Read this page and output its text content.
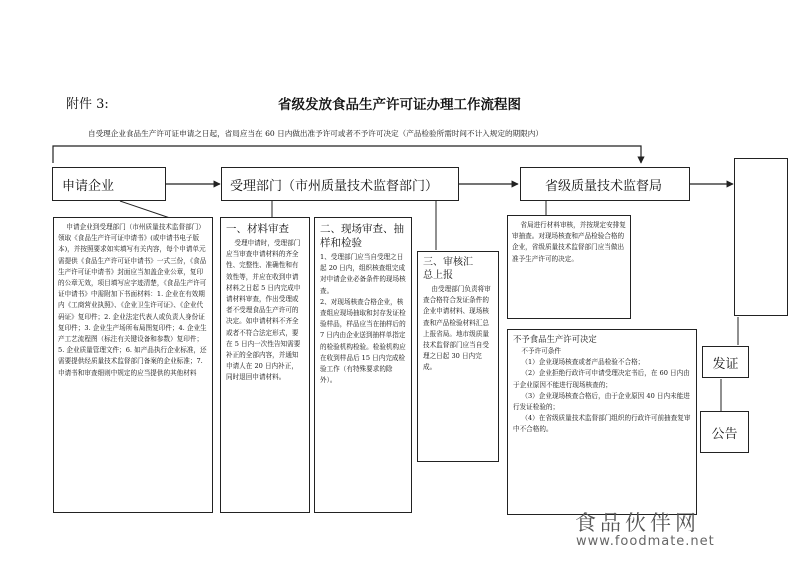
附件 3:	省级发放食品生产许可证办理工作流程图
自受理企业食品生产许可证申请之日起，省局应当在 60 日内做出准予许可或者不予许可决定（产品检验所需时间不计入规定的期限内）
申请企业	受理部门（市州质量技术监督部门）	省级质量技术监督局
申请企业到受理部门（市州质量技术监督部门）领取《食品生产许可证申请书》(或申请书电子版本)，并按照要求如实填写有关内容，每个申请单元需提供《食品生产许可证申请书》一式三份，《食品生产许可证申请书》封面应当加盖企业公章，复印的公章无效，项目填写应字迹清楚，《食品生产许可证申请书》中需附加下书面材料：1. 企业在有效期内《工商营业执照》、《企业卫生许可证》、《企业代码证》复印件；2. 企业法定代表人或负责人身份证复印件；3. 企业生产场所布局图复印件；4. 企业生产工艺流程图（标注有关键设备和参数）复印件；5. 企业质量管理文件；6. 如产品执行企业标准，还需要提供经质量技术监督部门备案的企业标准；7. 申请书和审查细则中规定的应当提供的其他材料
一、材料审查
受理申请时，受理部门应当审查申请材料的齐全性、完整性、准确性和有效性等，并应在收到申请材料之日起 5 日内完成申请材料审查，作出受理或者不受理食品生产许可的决定。如申请材料不齐全或者不符合法定形式，要在 5 日内一次性告知需要补正的全部内容，并通知申请人在 20 日内补正，同时退回申请材料。
二、现场审查、抽
样和检验
1、受理部门应当自受理之日起 20 日内，组织核查组完成对申请企业必备条件的现场核查。
2、对现场核查合格企业，核查组应现场抽取和封存发证检验样品，样品应当在抽样后的 7 日内由企业送到抽样单指定的检验机构检验。检验机构应在收到样品后 15 日内完成检验工作（有特殊要求的除外）。
三、审核汇
总上报
由受理部门负责将审查合格符合发证条件的企业申请材料、现场核查和产品检验材料汇总上报省局。地市级质量技术监督部门应当自受理之日起 30 日内完成。
省局进行材料审核，并按规定安排复审抽查。对现场核查和产品检验合格的企业，省级质量技术监督部门应当做出准予生产许可的决定。
不予食品生产许可决定
不予许可条件
（1）企业现场核查或者产品检验不合格；
（2）企业拒绝行政许可申请受理决定书后，在 60 日内由于企业原因不能进行现场核查的；
（3）企业现场核查合格后，由于企业原因 40 日内未能进行发证检验的；
（4）在省级质量技术监督部门组织的行政许可前抽查复审中不合格的。
发证
公告
食品伙伴网
www.foodmate.net
